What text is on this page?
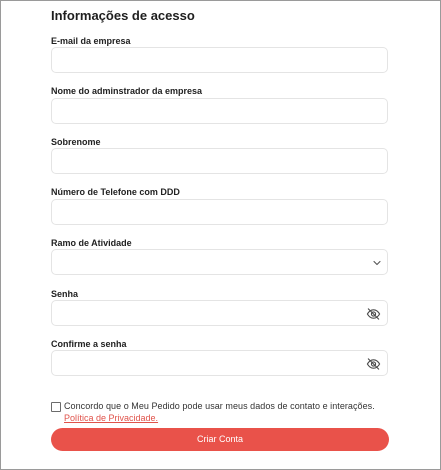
Informações de acesso
E-mail da empresa
Nome do adminstrador da empresa
Sobrenome
Número de Telefone com DDD
Ramo de Atividade
Senha
Confirme a senha
Concordo que o Meu Pedido pode usar meus dados de contato e interações.
Política de Privacidade.
Criar Conta
